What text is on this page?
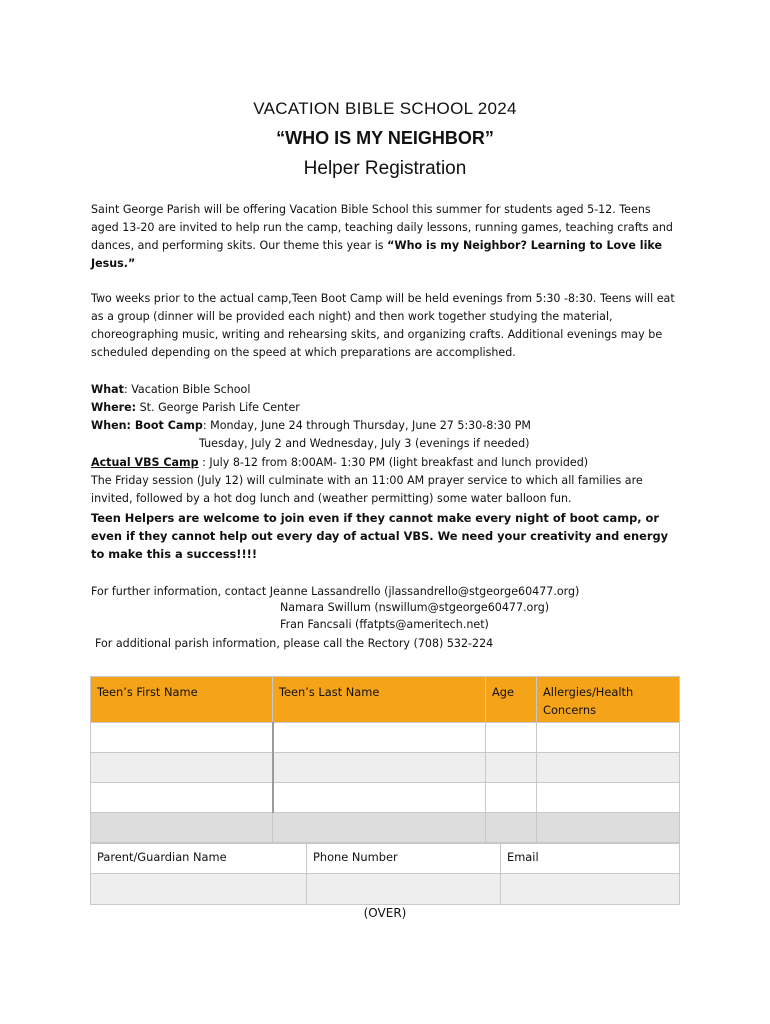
VACATION BIBLE SCHOOL 2024
“WHO IS MY NEIGHBOR”
Helper Registration
Saint George Parish will be offering Vacation Bible School this summer for students aged 5-12. Teens aged 13-20 are invited to help run the camp, teaching daily lessons, running games, teaching crafts and dances, and performing skits. Our theme this year is “Who is my Neighbor? Learning to Love like Jesus.”
Two weeks prior to the actual camp,Teen Boot Camp will be held evenings from 5:30 -8:30. Teens will eat as a group (dinner will be provided each night) and then work together studying the material, choreographing music, writing and rehearsing skits, and organizing crafts. Additional evenings may be scheduled depending on the speed at which preparations are accomplished.
What: Vacation Bible School
Where: St. George Parish Life Center
When: Boot Camp: Monday, June 24 through Thursday, June 27 5:30-8:30 PM
Tuesday, July 2 and Wednesday, July 3 (evenings if needed)
Actual VBS Camp : July 8-12 from 8:00AM- 1:30 PM (light breakfast and lunch provided)
The Friday session (July 12) will culminate with an 11:00 AM prayer service to which all families are
invited, followed by a hot dog lunch and (weather permitting) some water balloon fun.
Teen Helpers are welcome to join even if they cannot make every night of boot camp, or even if they cannot help out every day of actual VBS. We need your creativity and energy to make this a success!!!!
For further information, contact Jeanne Lassandrello (jlassandrello@stgeorge60477.org)
Namara Swillum (nswillum@stgeorge60477.org)
Fran Fancsali (ffatpts@ameritech.net)
For additional parish information, please call the Rectory (708) 532-224
Teen’s First Name	Teen’s Last Name	Age	Allergies/Health Concerns

Parent/Guardian Name	Phone Number	Email

(OVER)
